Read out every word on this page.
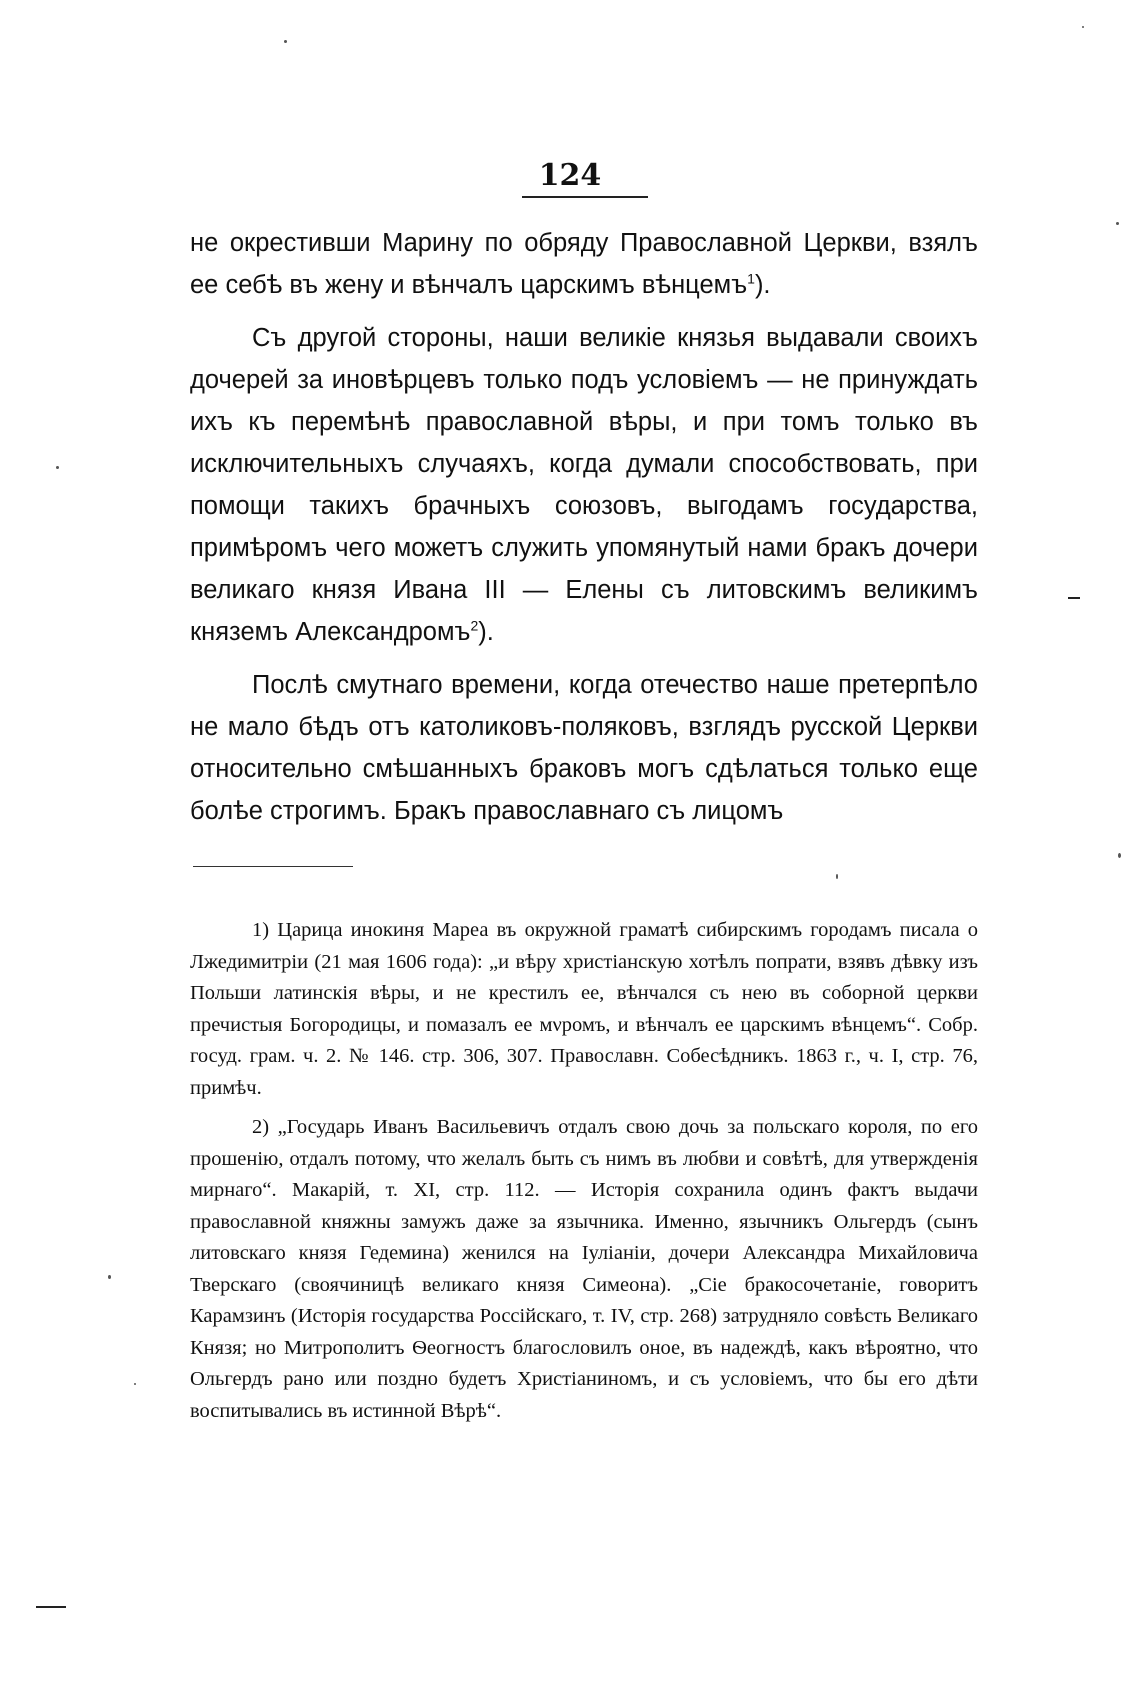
124

не окрестивши Марину по обряду Православной Церкви, взялъ ее себѣ въ жену и вѣнчалъ царскимъ вѣнцемъ$^1$).

Съ другой стороны, наши великіе князья выдавали своихъ дочерей за иновѣрцевъ только подъ условіемъ — не принуждать ихъ къ перемѣнѣ православной вѣры, и при томъ только въ исключительныхъ случаяхъ, когда думали способствовать, при помощи такихъ брачныхъ союзовъ, выгодамъ государства, примѣромъ чего можетъ служить упомянутый нами бракъ дочери великаго князя Ивана III — Елены съ литовскимъ великимъ княземъ Александромъ$^2$).

Послѣ смутнаго времени, когда отечество наше претерпѣло не мало бѣдъ отъ католиковъ-поляковъ, взглядъ русской Церкви относительно смѣшанныхъ браковъ могъ сдѣлаться только еще болѣе строгимъ. Бракъ православнаго съ лицомъ

1) Царица инокиня Мареа въ окружной граматѣ сибирскимъ городамъ писала о Лжедимитріи (21 мая 1606 года): „и вѣру христіанскую хотѣлъ попрати, взявъ дѣвку изъ Польши латинскія вѣры, и не крестилъ ее, вѣнчался съ нею въ соборной церкви пречистыя Богородицы, и помазалъ ее мνромъ, и вѣнчалъ ее царскимъ вѣнцемъ“. Собр. госуд. грам. ч. 2. № 146. стр. 306, 307. Православн. Собесѣдникъ. 1863 г., ч. I, стр. 76, примѣч.

2) „Государь Иванъ Васильевичъ отдалъ свою дочь за польскаго короля, по его прошенію, отдалъ потому, что желалъ быть съ нимъ въ любви и совѣтѣ, для утвержденія мирнаго“. Макарій, т. XI, стр. 112. — Исторія сохранила одинъ фактъ выдачи православной княжны замужъ даже за язычника. Именно, язычникъ Ольгердъ (сынъ литовскаго князя Гедемина) женился на Іуліаніи, дочери Александра Михайловича Тверскаго (своячиницѣ великаго князя Симеона). „Сіе бракосочетаніе, говоритъ Карамзинъ (Исторія государства Россійскаго, т. IV, стр. 268) затрудняло совѣсть Великаго Князя; но Митрополитъ Ѳеогностъ благословилъ оное, въ надеждѣ, какъ вѣроятно, что Ольгердъ рано или поздно будетъ Христіаниномъ, и съ условіемъ, что бы его дѣти воспитывались въ истинной Вѣрѣ“.
